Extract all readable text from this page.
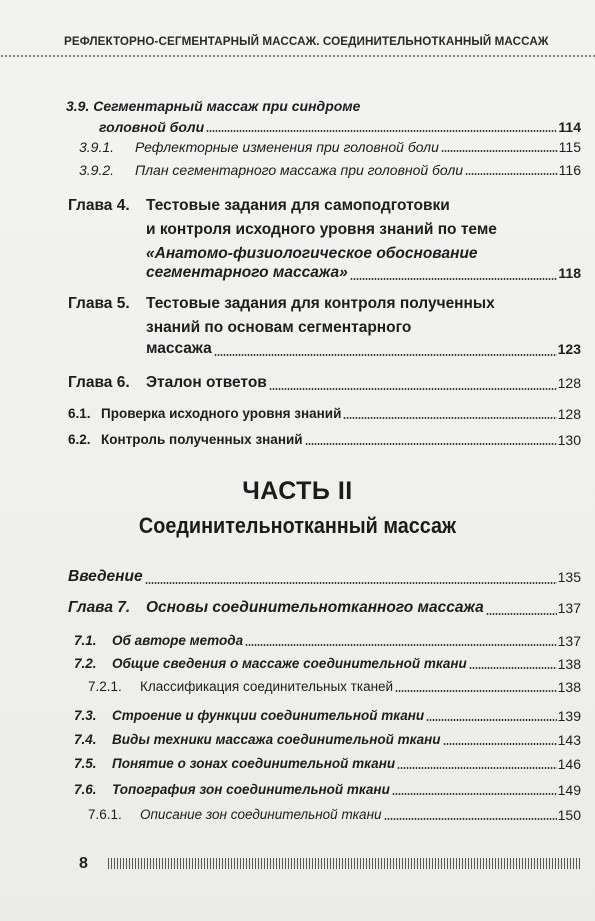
РЕФЛЕКТОРНО-СЕГМЕНТАРНЫЙ МАССАЖ. СОЕДИНИТЕЛЬНОТКАННЫЙ МАССАЖ
3.9. Сегментарный массаж при синдроме
головной боли	114
3.9.1. Рефлекторные изменения при головной боли	115
3.9.2. План сегментарного массажа при головной боли	116
Глава 4. Тестовые задания для самоподготовки
и контроля исходного уровня знаний по теме
«Анатомо-физиологическое обоснование
сегментарного массажа»	118
Глава 5. Тестовые задания для контроля полученных
знаний по основам сегментарного
массажа	123
Глава 6. Эталон ответов	128
6.1. Проверка исходного уровня знаний	128
6.2. Контроль полученных знаний	130
ЧАСТЬ II
Соединительнотканный массаж
Введение	135
Глава 7. Основы соединительнотканного массажа	137
7.1. Об авторе метода	137
7.2. Общие сведения о массаже соединительной ткани	138
7.2.1. Классификация соединительных тканей	138
7.3. Строение и функции соединительной ткани	139
7.4. Виды техники массажа соединительной ткани	143
7.5. Понятие о зонах соединительной ткани	146
7.6. Топография зон соединительной ткани	149
7.6.1. Описание зон соединительной ткани	150
8
